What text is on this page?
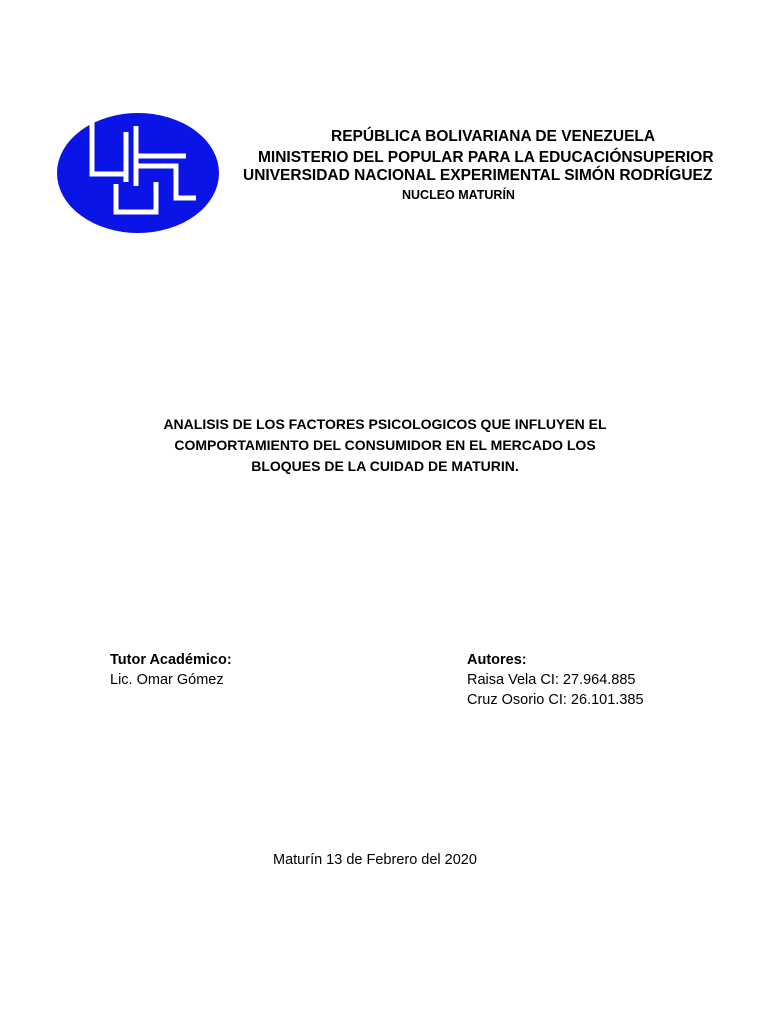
REPÚBLICA BOLIVARIANA DE VENEZUELA

MINISTERIO DEL POPULAR PARA LA EDUCACIÓNSUPERIOR

UNIVERSIDAD NACIONAL EXPERIMENTAL SIMÓN RODRÍGUEZ

NUCLEO MATURÍN

ANALISIS DE LOS FACTORES PSICOLOGICOS QUE INFLUYEN EL
COMPORTAMIENTO DEL CONSUMIDOR EN EL MERCADO LOS
BLOQUES DE LA CUIDAD DE MATURIN.

Tutor Académico:
Lic. Omar Gómez
Autores:
Raisa Vela CI: 27.964.885
Cruz Osorio CI: 26.101.385

Maturín 13 de Febrero del 2020
